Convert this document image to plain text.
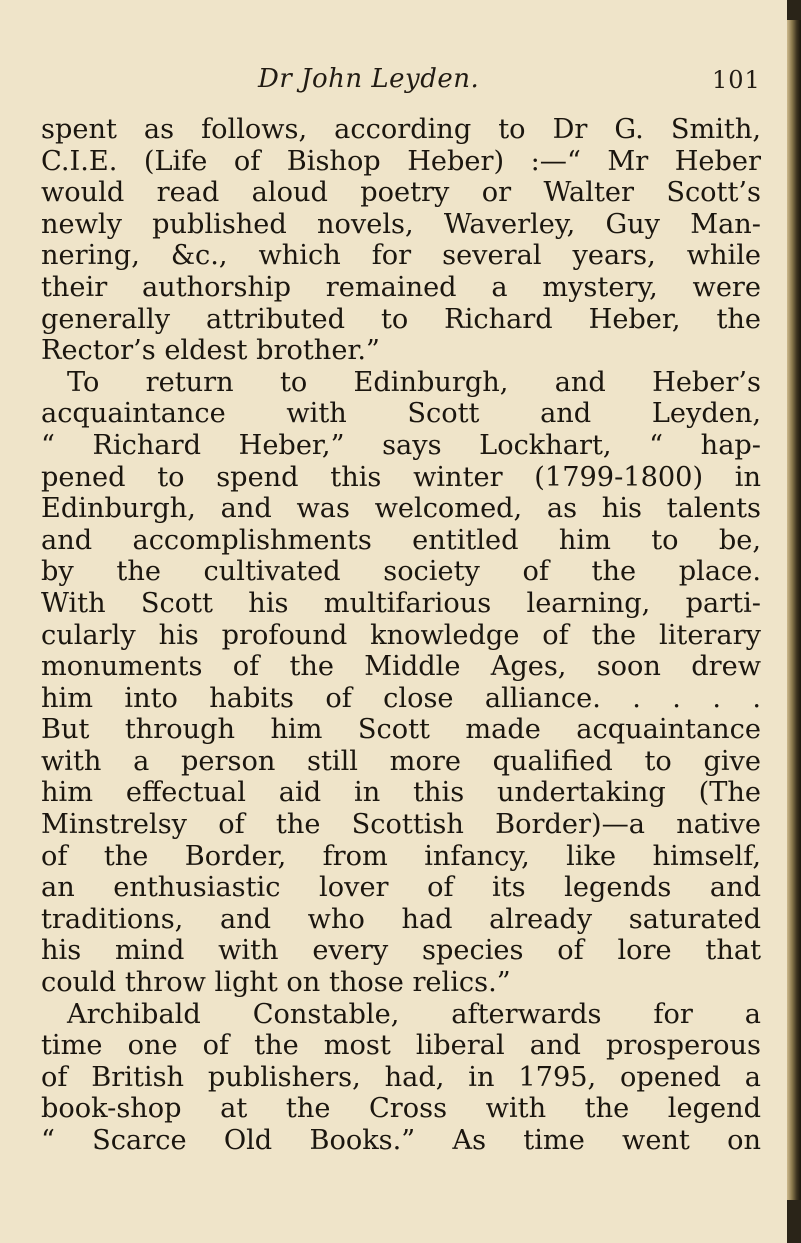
Dr John Leyden.	101
spent as follows, according to Dr G. Smith,
C.I.E. (Life of Bishop Heber) :—“ Mr Heber
would read aloud poetry or Walter Scott’s
newly published novels, Waverley, Guy Man-
nering, &c., which for several years, while
their authorship remained a mystery, were
generally attributed to Richard Heber, the
Rector’s eldest brother.”
To return to Edinburgh, and Heber’s
acquaintance with Scott and Leyden,
“ Richard Heber,” says Lockhart, “ hap-
pened to spend this winter (1799-1800) in
Edinburgh, and was welcomed, as his talents
and accomplishments entitled him to be,
by the cultivated society of the place.
With Scott his multifarious learning, parti-
cularly his profound knowledge of the literary
monuments of the Middle Ages, soon drew
him into habits of close alliance. . . . .
But through him Scott made acquaintance
with a person still more qualified to give
him effectual aid in this undertaking (The
Minstrelsy of the Scottish Border)—a native
of the Border, from infancy, like himself,
an enthusiastic lover of its legends and
traditions, and who had already saturated
his mind with every species of lore that
could throw light on those relics.”
Archibald Constable, afterwards for a
time one of the most liberal and prosperous
of British publishers, had, in 1795, opened a
book-shop at the Cross with the legend
“ Scarce Old Books.” As time went on
